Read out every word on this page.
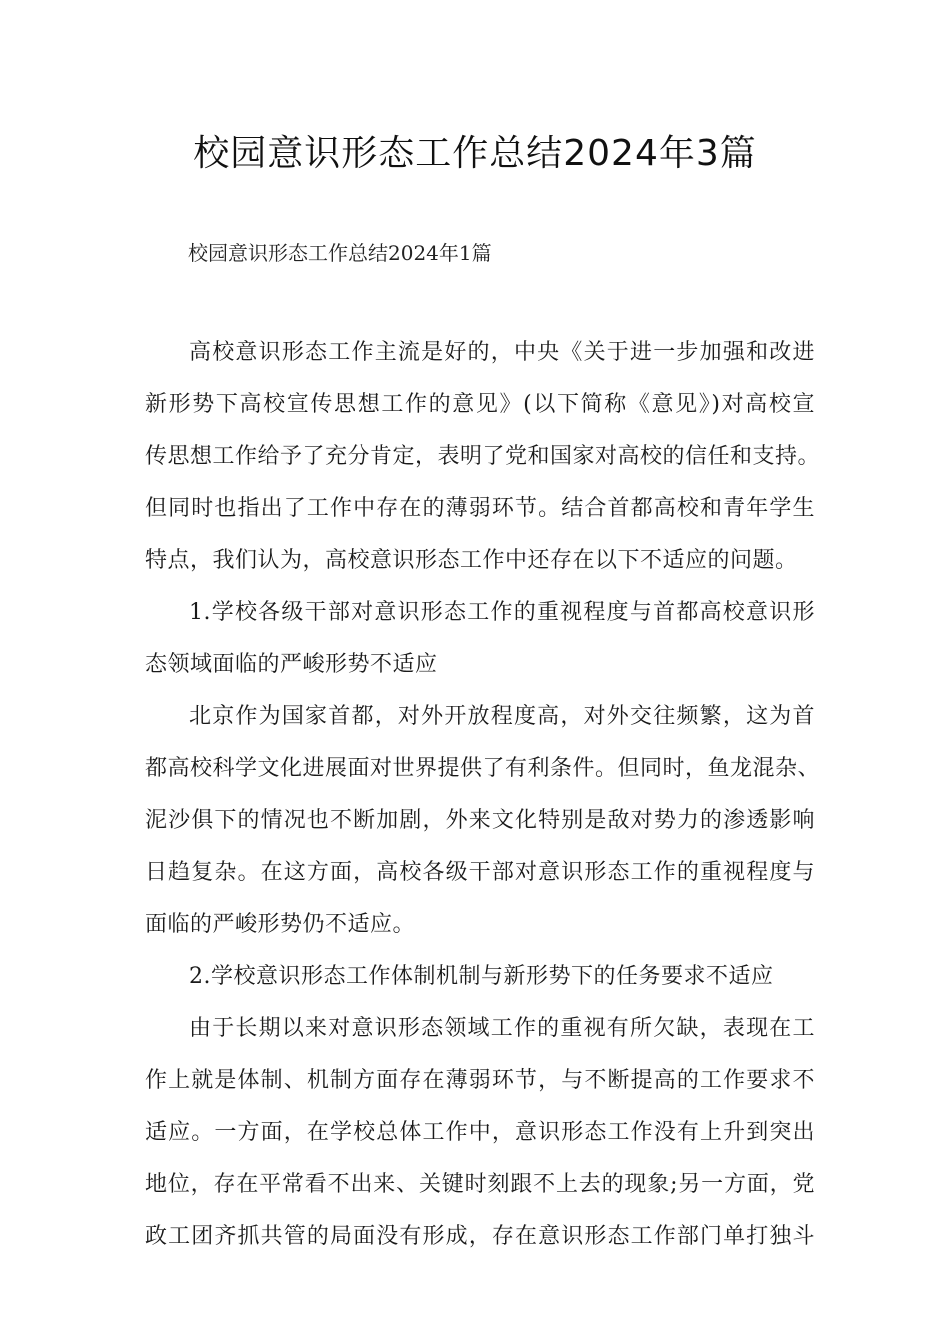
校园意识形态工作总结2024年3篇

校园意识形态工作总结2024年1篇

高校意识形态工作主流是好的，中央《关于进一步加强和改进
新形势下高校宣传思想工作的意见》(以下简称《意见》)对高校宣
传思想工作给予了充分肯定，表明了党和国家对高校的信任和支持。
但同时也指出了工作中存在的薄弱环节。结合首都高校和青年学生
特点，我们认为，高校意识形态工作中还存在以下不适应的问题。
1.学校各级干部对意识形态工作的重视程度与首都高校意识形
态领域面临的严峻形势不适应
北京作为国家首都，对外开放程度高，对外交往频繁，这为首
都高校科学文化进展面对世界提供了有利条件。但同时，鱼龙混杂、
泥沙俱下的情况也不断加剧，外来文化特别是敌对势力的渗透影响
日趋复杂。在这方面，高校各级干部对意识形态工作的重视程度与
面临的严峻形势仍不适应。
2.学校意识形态工作体制机制与新形势下的任务要求不适应
由于长期以来对意识形态领域工作的重视有所欠缺，表现在工
作上就是体制、机制方面存在薄弱环节，与不断提高的工作要求不
适应。一方面，在学校总体工作中，意识形态工作没有上升到突出
地位，存在平常看不出来、关键时刻跟不上去的现象;另一方面，党
政工团齐抓共管的局面没有形成，存在意识形态工作部门单打独斗
